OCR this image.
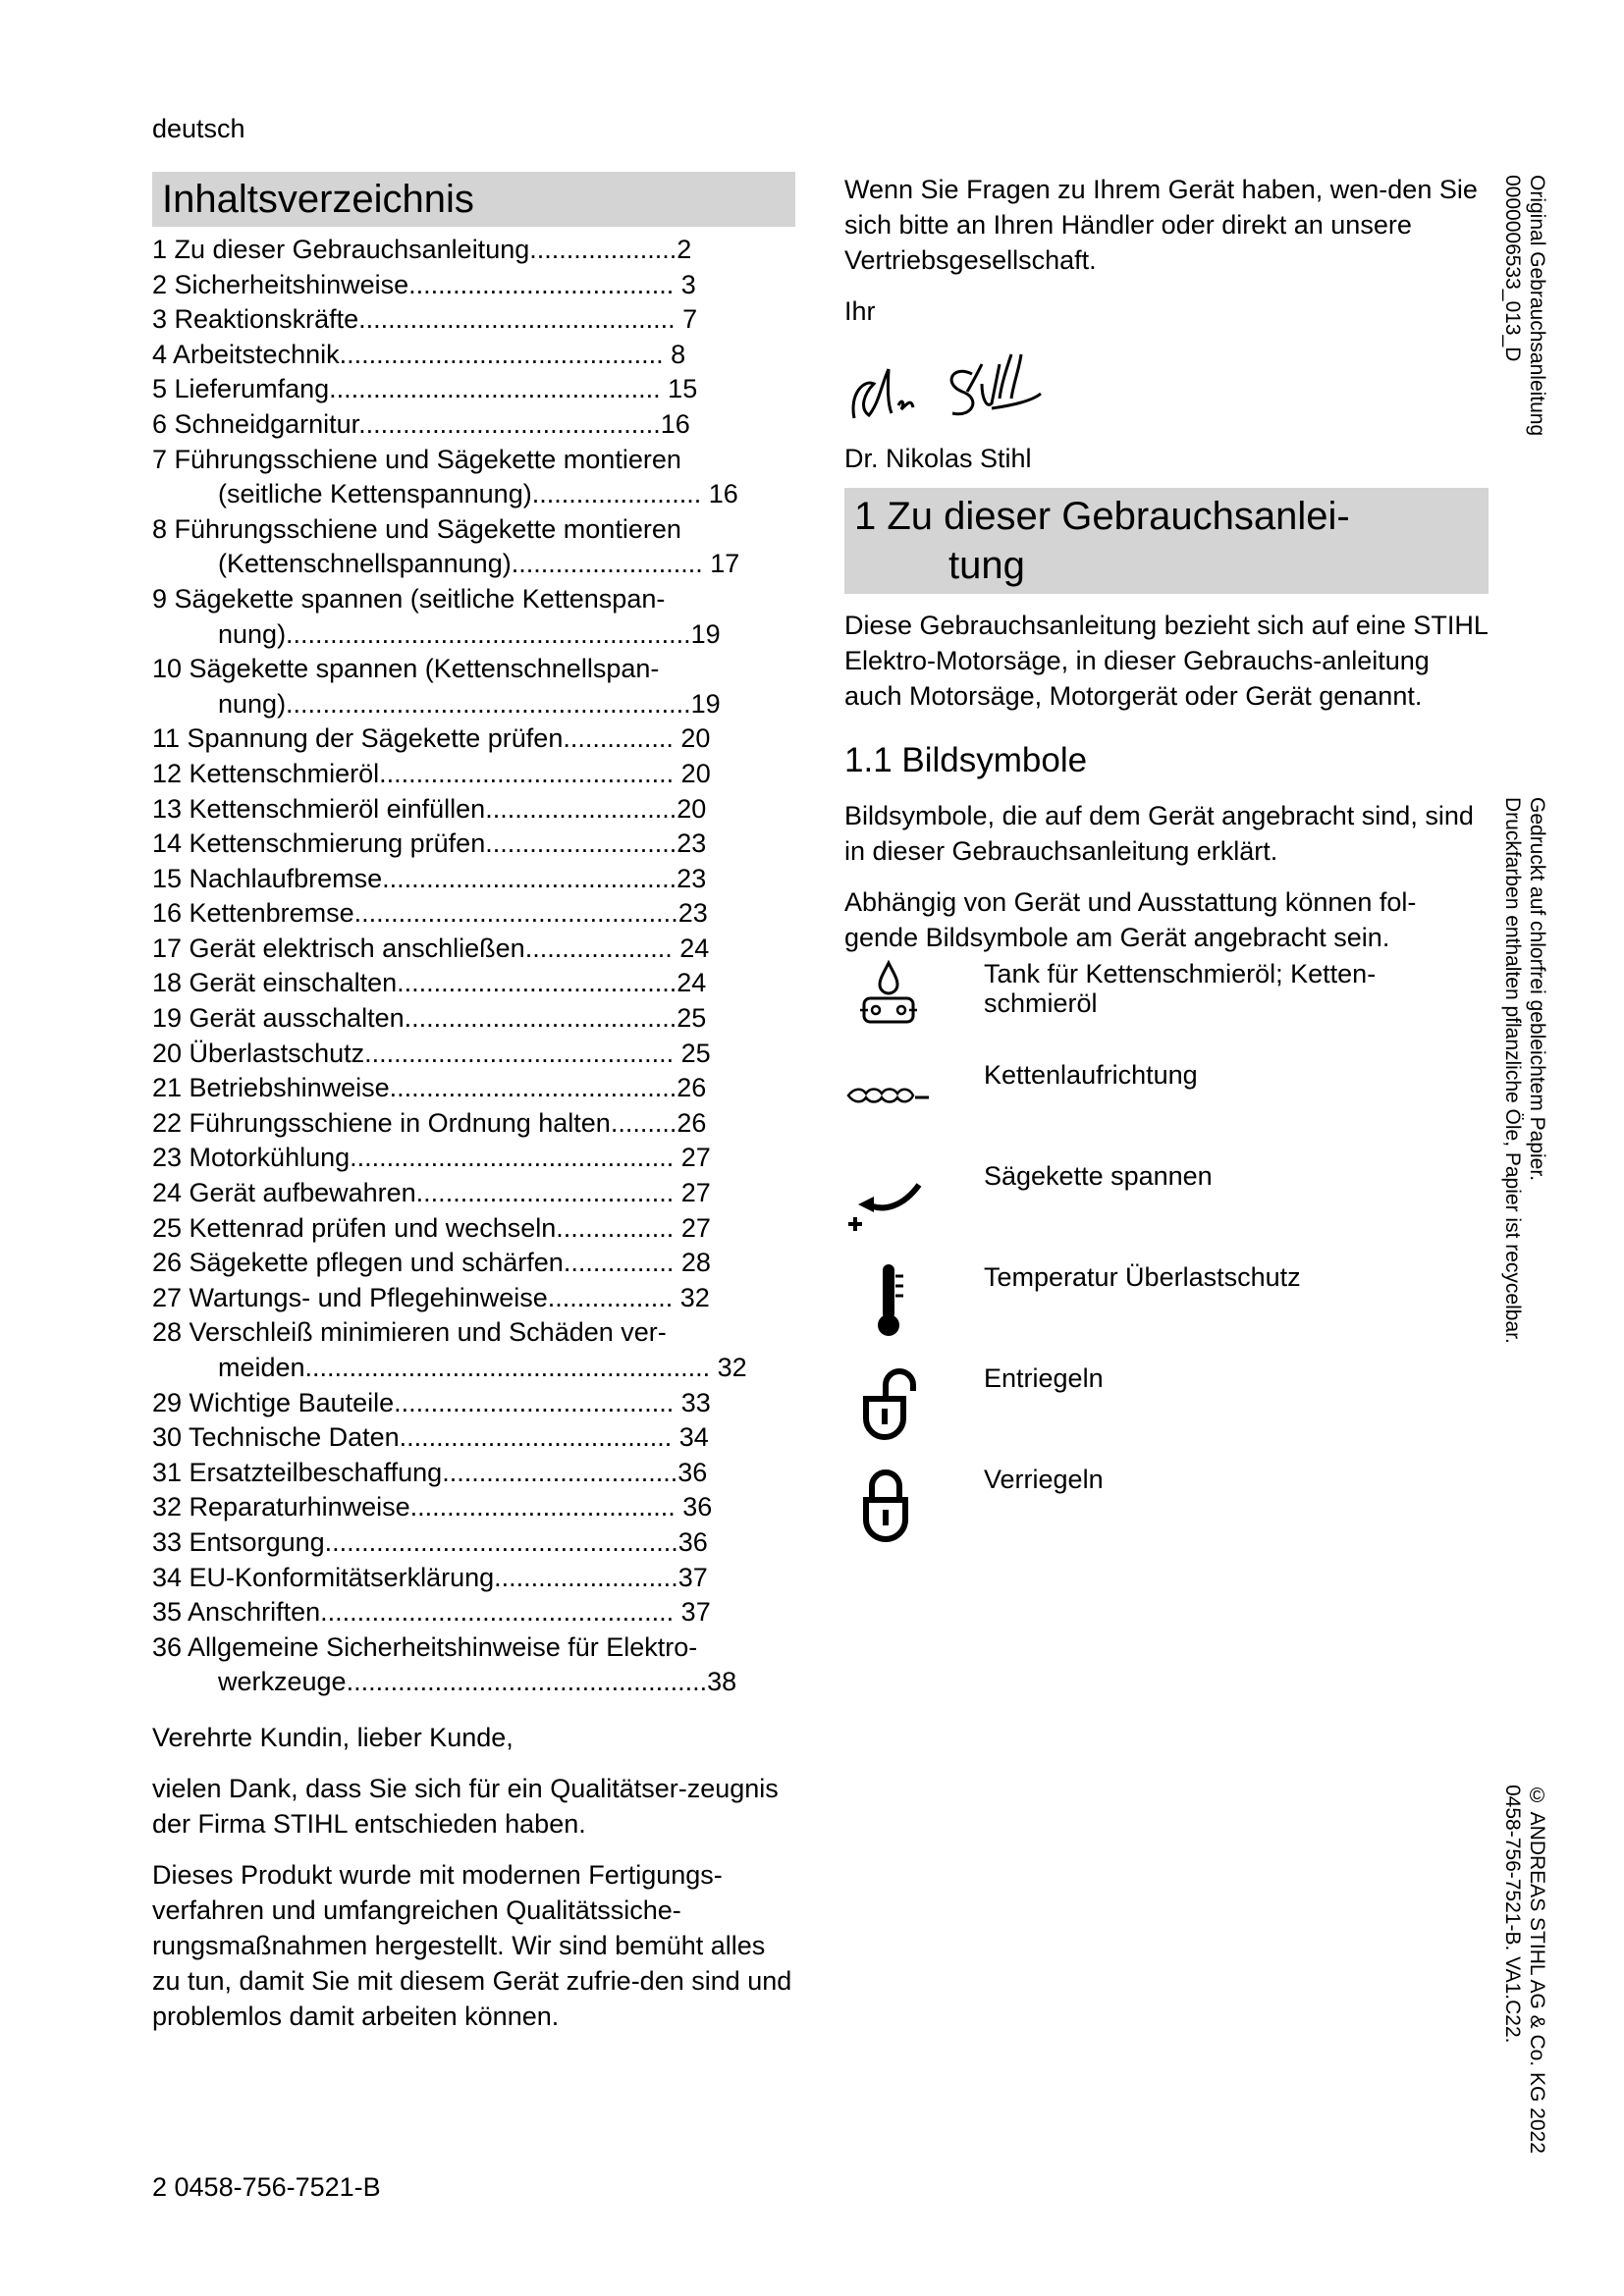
deutsch
Inhaltsverzeichnis
1 Zu dieser Gebrauchsanleitung....................2
2 Sicherheitshinweise.................................... 3
3 Reaktionskräfte........................................... 7
4 Arbeitstechnik............................................ 8
5 Lieferumfang............................................. 15
6 Schneidgarnitur.........................................16
7 Führungsschiene und Sägekette montieren
(seitliche Kettenspannung)....................... 16
8 Führungsschiene und Sägekette montieren
(Kettenschnellspannung).......................... 17
9 Sägekette spannen (seitliche Kettenspan-
nung).......................................................19
10 Sägekette spannen (Kettenschnellspan-
nung).......................................................19
11 Spannung der Sägekette prüfen............... 20
12 Kettenschmieröl........................................ 20
13 Kettenschmieröl einfüllen..........................20
14 Kettenschmierung prüfen..........................23
15 Nachlaufbremse........................................23
16 Kettenbremse............................................23
17 Gerät elektrisch anschließen.................... 24
18 Gerät einschalten......................................24
19 Gerät ausschalten.....................................25
20 Überlastschutz.......................................... 25
21 Betriebshinweise.......................................26
22 Führungsschiene in Ordnung halten.........26
23 Motorkühlung............................................ 27
24 Gerät aufbewahren................................... 27
25 Kettenrad prüfen und wechseln................ 27
26 Sägekette pflegen und schärfen............... 28
27 Wartungs- und Pflegehinweise................. 32
28 Verschleiß minimieren und Schäden ver-
meiden....................................................... 32
29 Wichtige Bauteile...................................... 33
30 Technische Daten..................................... 34
31 Ersatzteilbeschaffung................................36
32 Reparaturhinweise.................................... 36
33 Entsorgung................................................36
34 EU-Konformitätserklärung.........................37
35 Anschriften................................................ 37
36 Allgemeine Sicherheitshinweise für Elektro-
werkzeuge.................................................38

Verehrte Kundin, lieber Kunde,

vielen Dank, dass Sie sich für ein Qualitätser-zeugnis der Firma STIHL entschieden haben.

Dieses Produkt wurde mit modernen Fertigungs-verfahren und umfangreichen Qualitätssiche-rungsmaßnahmen hergestellt. Wir sind bemüht alles zu tun, damit Sie mit diesem Gerät zufrie-den sind und problemlos damit arbeiten können.

Wenn Sie Fragen zu Ihrem Gerät haben, wen-den Sie sich bitte an Ihren Händler oder direkt an unsere Vertriebsgesellschaft.

Ihr

Dr. Nikolas Stihl
1 Zu dieser Gebrauchsanlei-
tung

Diese Gebrauchsanleitung bezieht sich auf eine STIHL Elektro-Motorsäge, in dieser Gebrauchs-anleitung auch Motorsäge, Motorgerät oder Gerät genannt.

1.1 Bildsymbole

Bildsymbole, die auf dem Gerät angebracht sind, sind in dieser Gebrauchsanleitung erklärt.

Abhängig von Gerät und Ausstattung können fol-gende Bildsymbole am Gerät angebracht sein.

Tank für Kettenschmieröl; Ketten-schmieröl
Kettenlaufrichtung
Sägekette spannen
Temperatur Überlastschutz
Entriegeln
Verriegeln
Original Gebrauchsanleitung
0000006533_013_D
Gedruckt auf chlorfrei gebleichtem Papier.
Druckfarben enthalten pflanzliche Öle, Papier ist recycelbar.
© ANDREAS STIHL AG & Co. KG 2022
0458-756-7521-B. VA1.C22.
2 0458-756-7521-B
